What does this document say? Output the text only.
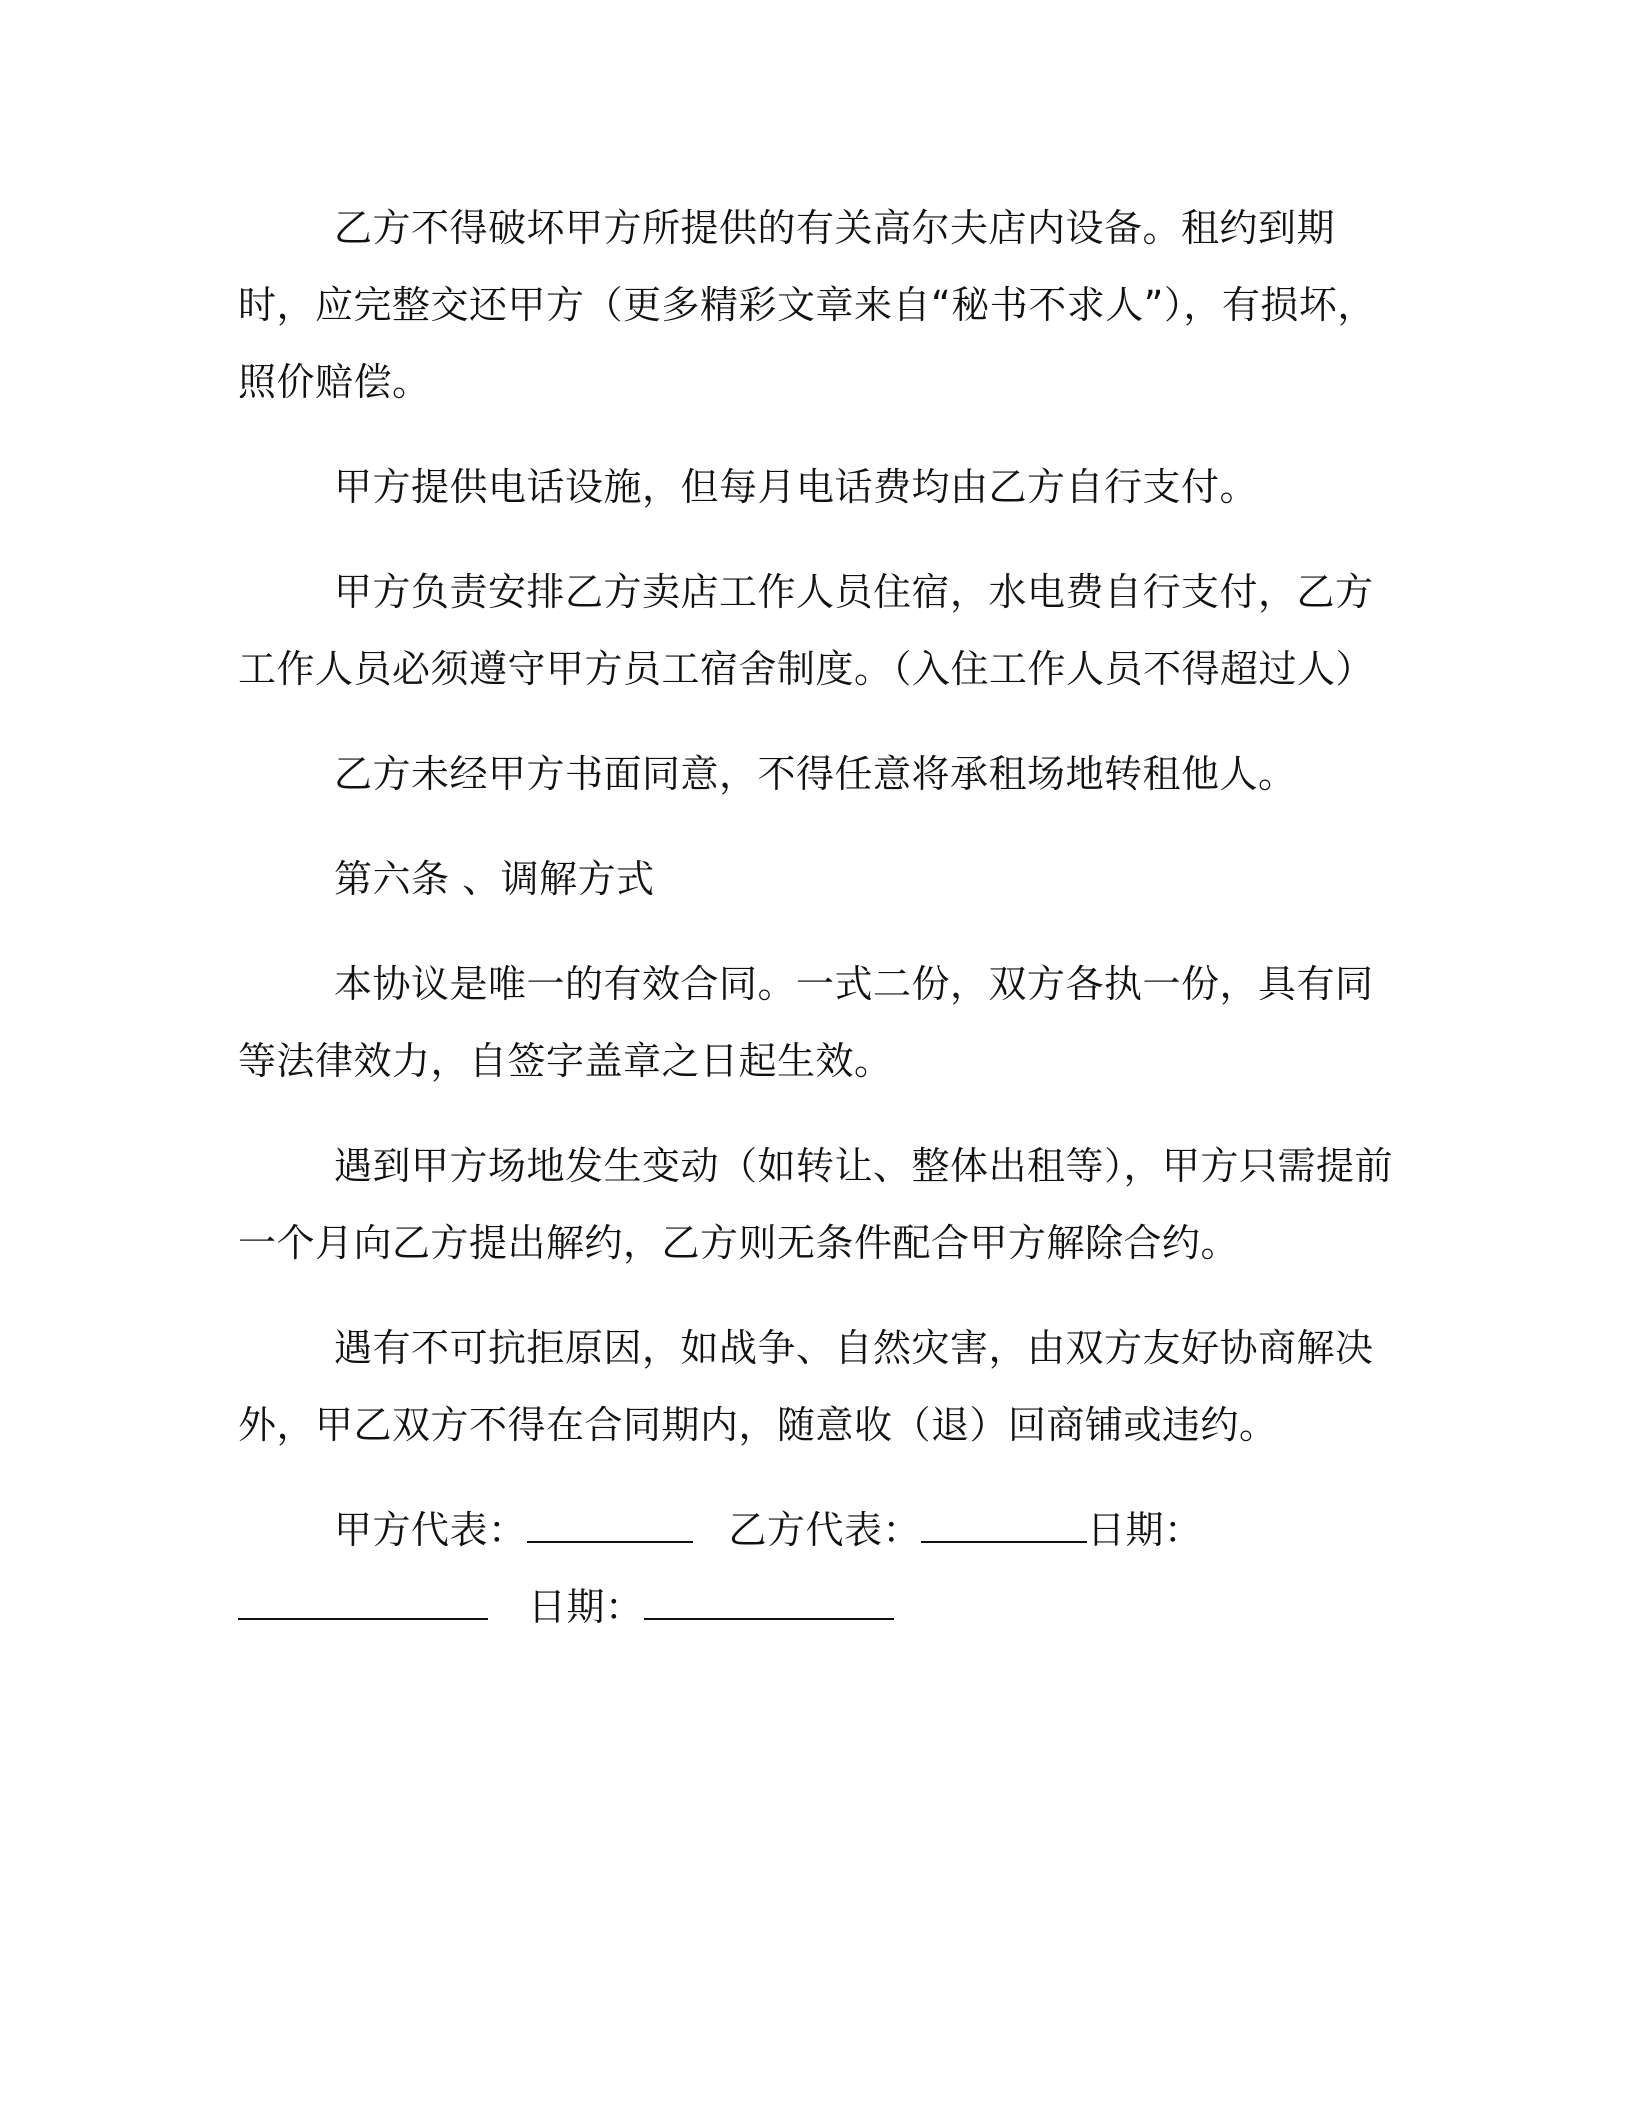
乙方不得破坏甲方所提供的有关高尔夫店内设备。租约到期时，应完整交还甲方（更多精彩文章来自“秘书不求人”），有损坏，照价赔偿。

甲方提供电话设施，但每月电话费均由乙方自行支付。

甲方负责安排乙方卖店工作人员住宿，水电费自行支付，乙方工作人员必须遵守甲方员工宿舍制度。（入住工作人员不得超过人）

乙方未经甲方书面同意，不得任意将承租场地转租他人。

第六条 、调解方式

本协议是唯一的有效合同。一式二份，双方各执一份，具有同等法律效力，自签字盖章之日起生效。

遇到甲方场地发生变动（如转让、整体出租等），甲方只需提前一个月向乙方提出解约，乙方则无条件配合甲方解除合约。

遇有不可抗拒原因，如战争、自然灾害，由双方友好协商解决外，甲乙双方不得在合同期内，随意收（退）回商铺或违约。

甲方代表：	乙方代表：	日期：日期：
